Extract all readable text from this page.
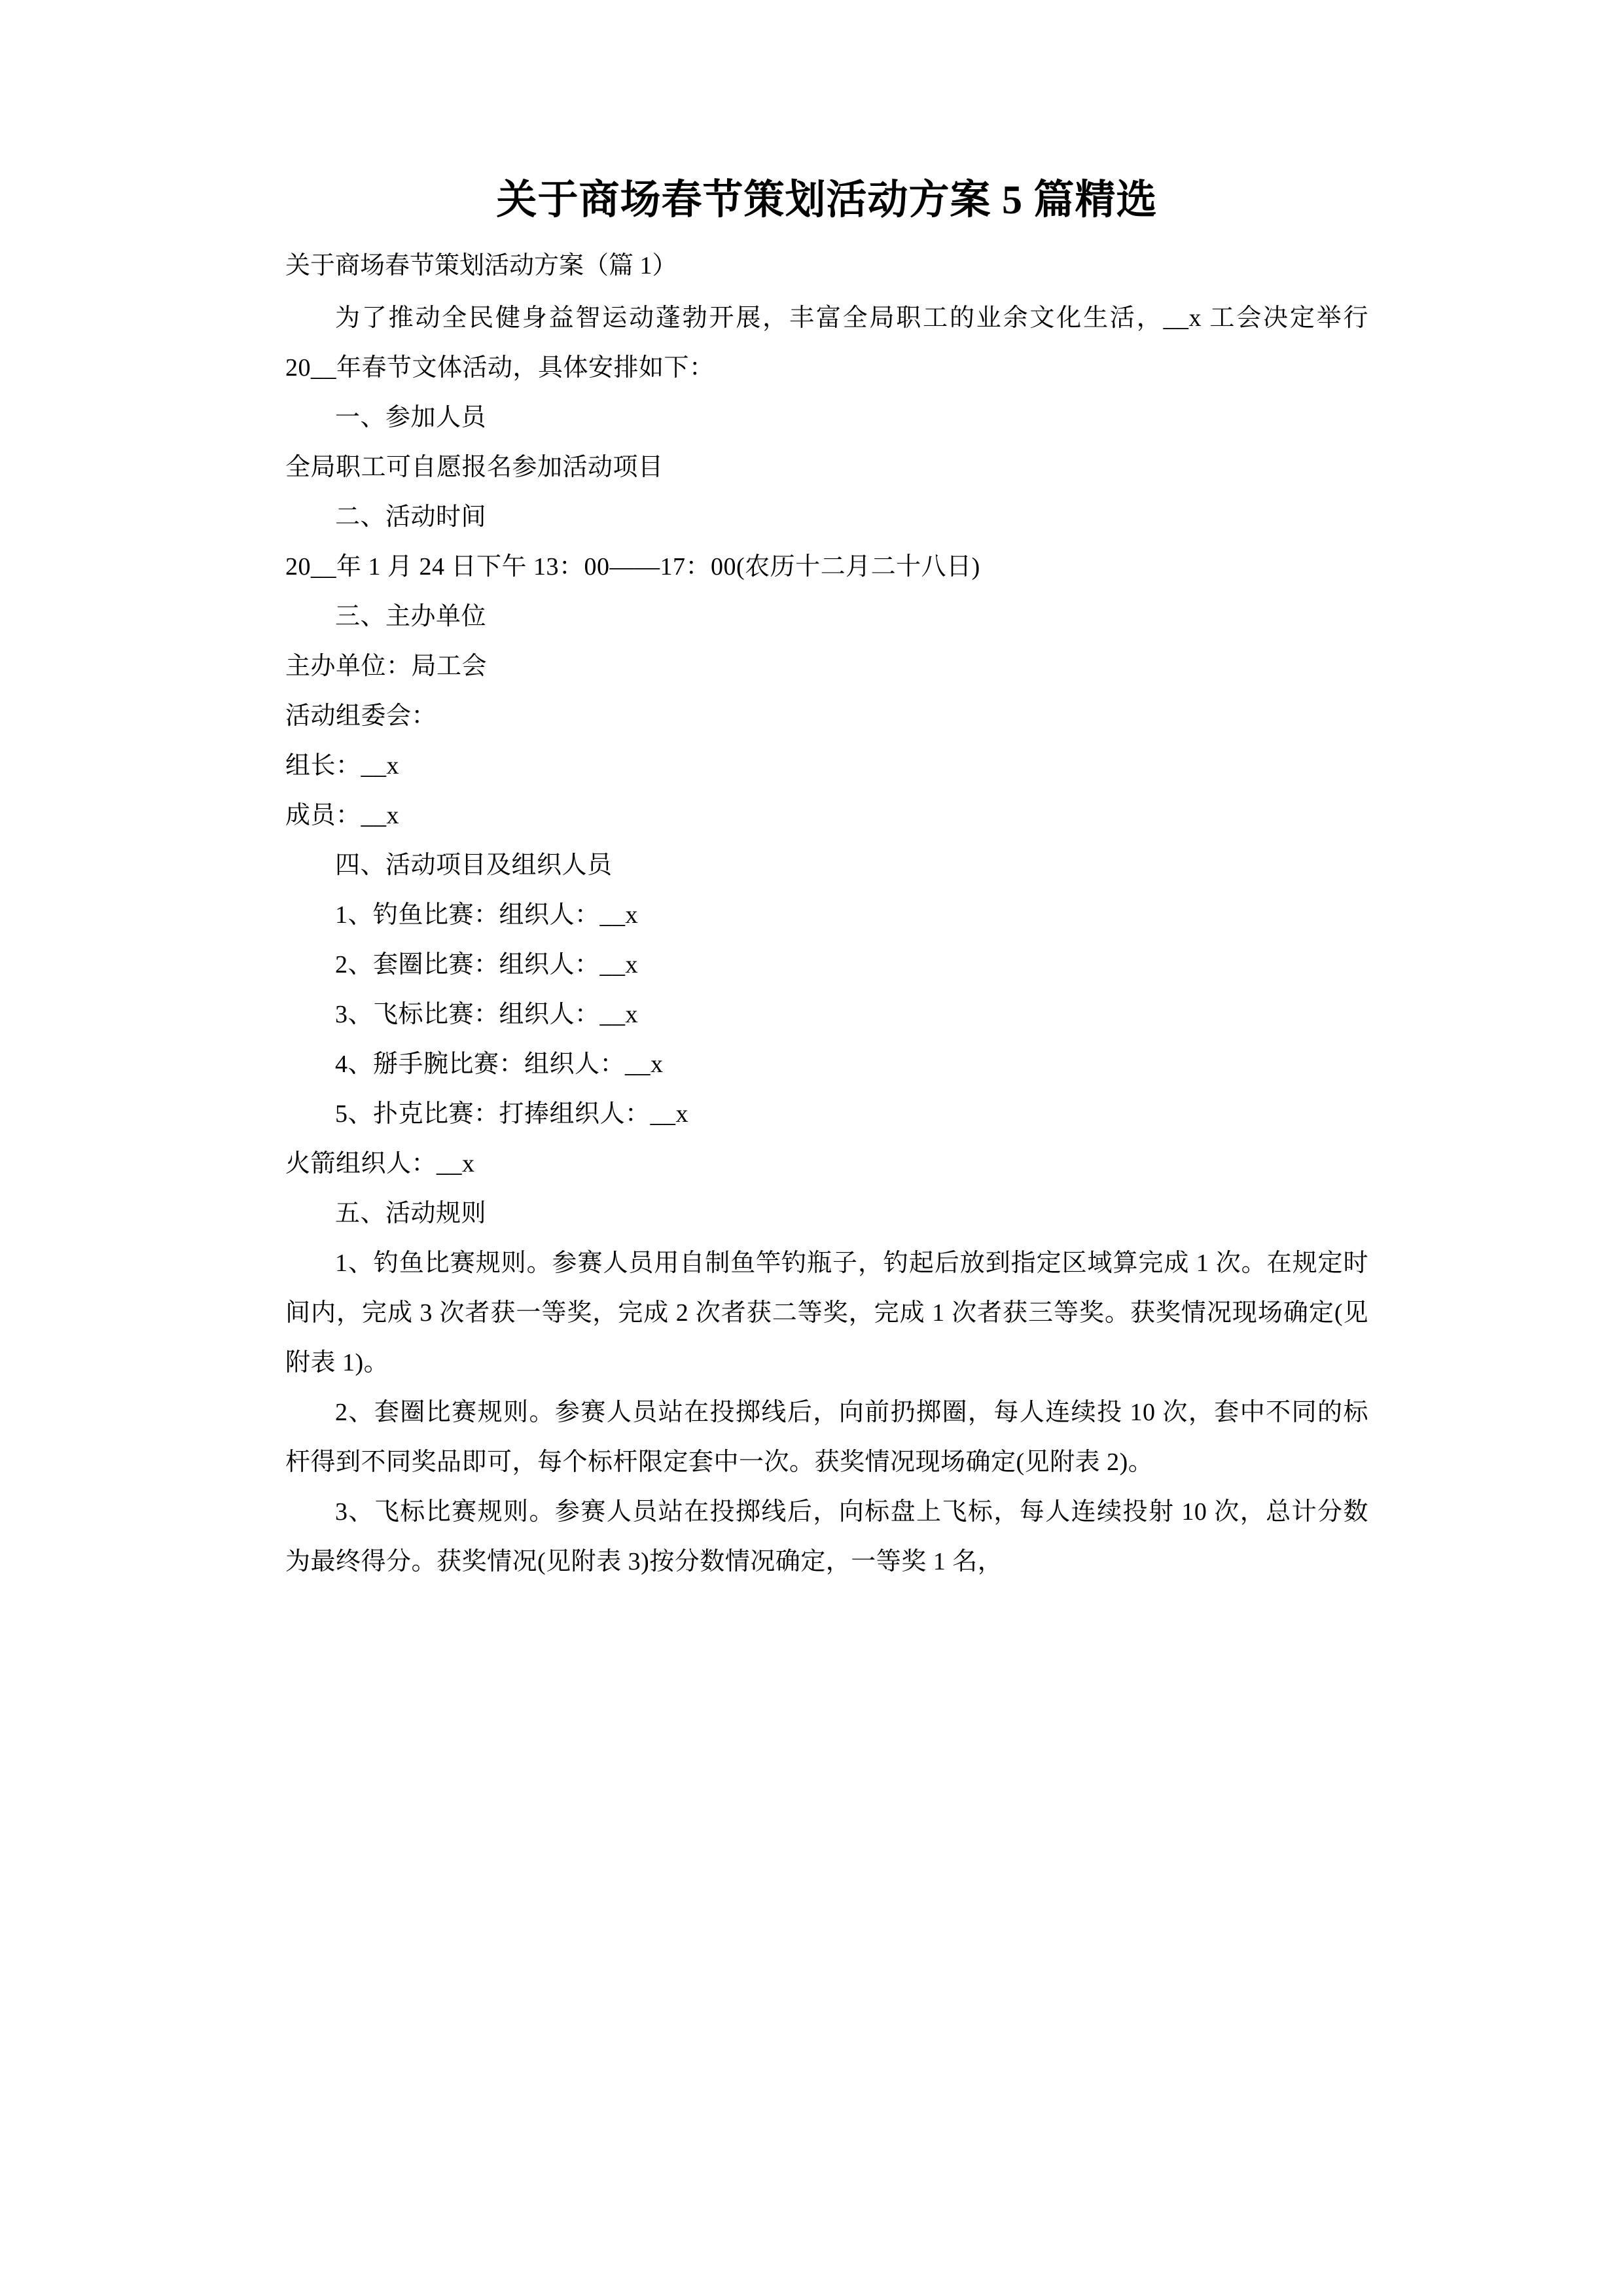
关于商场春节策划活动方案 5 篇精选

关于商场春节策划活动方案（篇 1）

为了推动全民健身益智运动蓬勃开展，丰富全局职工的业余文化生活，__x 工会决定举行 20__年春节文体活动，具体安排如下：

一、参加人员

全局职工可自愿报名参加活动项目

二、活动时间

20__年 1 月 24 日下午 13：00——17：00(农历十二月二十八日)

三、主办单位

主办单位：局工会

活动组委会：

组长：__x

成员：__x

四、活动项目及组织人员

1、钓鱼比赛：组织人：__x

2、套圈比赛：组织人：__x

3、飞标比赛：组织人：__x

4、掰手腕比赛：组织人：__x

5、扑克比赛：打捧组织人：__x

火箭组织人：__x

五、活动规则

1、钓鱼比赛规则。参赛人员用自制鱼竿钓瓶子，钓起后放到指定区域算完成 1 次。在规定时间内，完成 3 次者获一等奖，完成 2 次者获二等奖，完成 1 次者获三等奖。获奖情况现场确定(见附表 1)。

2、套圈比赛规则。参赛人员站在投掷线后，向前扔掷圈，每人连续投 10 次，套中不同的标杆得到不同奖品即可，每个标杆限定套中一次。获奖情况现场确定(见附表 2)。

3、飞标比赛规则。参赛人员站在投掷线后，向标盘上飞标，每人连续投射 10 次，总计分数为最终得分。获奖情况(见附表 3)按分数情况确定，一等奖 1 名，
